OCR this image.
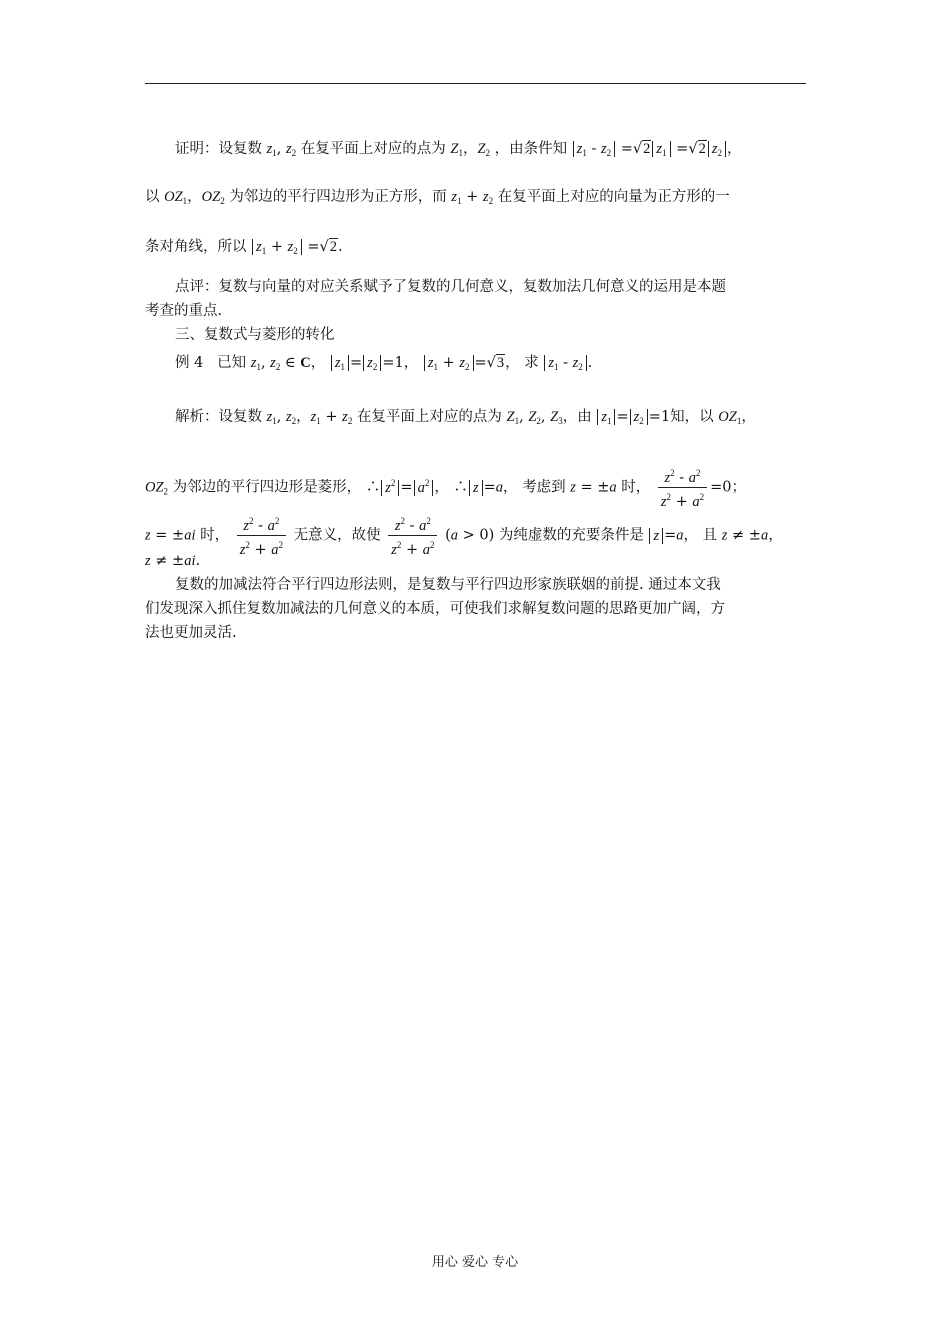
证明：设复数 $z_1$, $z_2$ 在复平面上对应的点为 $Z_1$，$Z_2$ ，由条件知 $z_1 - z_2 =√2$ $z_1 =√2$ $z_2$ ，
以 $OZ_1$，$OZ_2$ 为邻边的平行四边形为正方形，而 $z_1 + z_2$ 在复平面上对应的向量为正方形的一
条对角线，所以 $z_1 + z_2 =√2$.
点评：复数与向量的对应关系赋予了复数的几何意义，复数加法几何意义的运用是本题
考查的重点.
三、复数式与菱形的转化
例 4 已知 $z_1$, $z_2$ ∈ C， $z_1 = z_2 =1$， $z_1 + z_2 =√3$， 求 $z_1 - z_2$ .
解析：设复数 $z_1$, $z_2$，$z_1 + z_2$ 在复平面上对应的点为 $Z_1$, $Z_2$, $Z_3$，由 $z_1 = z_2 =1$知，以 $OZ_1$，
$OZ_2$ 为邻边的平行四边形是菱形， ∴ $z^2 = a^2$ ， ∴ z =a， 考虑到 z = ±a 时， $\frac{z^2 - a^2}{z^2 + a^2} =0$；
z = ±ai 时， $\frac{z^2 - a^2}{z^2 + a^2}$ 无意义，故使 $\frac{z^2 - a^2}{z^2 + a^2} (a > 0)$ 为纯虚数的充要条件是 z =a， 且 z ≠ ±a，
z ≠ ±ai.
复数的加减法符合平行四边形法则，是复数与平行四边形家族联姻的前提. 通过本文我
们发现深入抓住复数加减法的几何意义的本质，可使我们求解复数问题的思路更加广阔，方
法也更加灵活.
用心 爱心 专心
